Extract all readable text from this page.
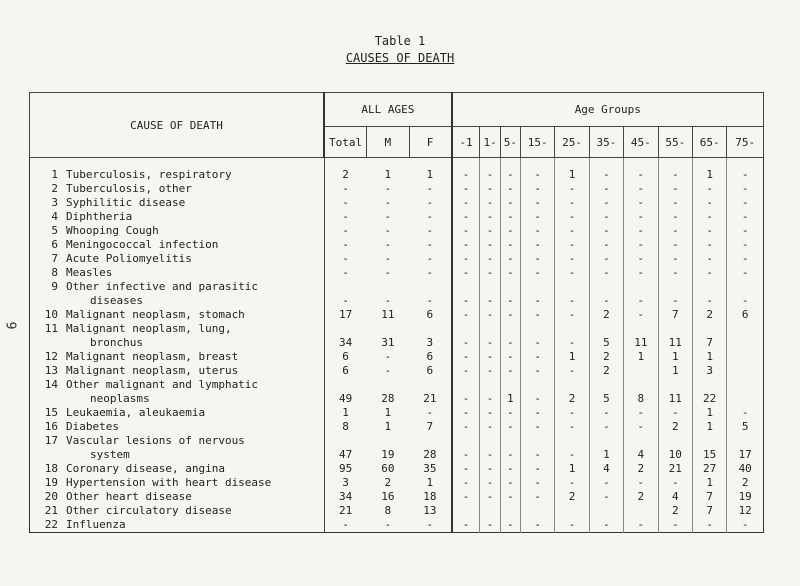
9
Table 1
CAUSES OF DEATH
CAUSE OF DEATH	ALL AGES			Age Groups									
	Total	M	F	-1	1-	5-	15-	25-	35-	45-	55-	65-	75-
1 Tuberculosis, respiratory	2	1	1	-	-	-	-	1	-	-	-	1	-
2 Tuberculosis, other	-	-	-	-	-	-	-	-	-	-	-	-	-
3 Syphilitic disease	-	-	-	-	-	-	-	-	-	-	-	-	-
4 Diphtheria	-	-	-	-	-	-	-	-	-	-	-	-	-
5 Whooping Cough	-	-	-	-	-	-	-	-	-	-	-	-	-
6 Meningococcal infection	-	-	-	-	-	-	-	-	-	-	-	-	-
7 Acute Poliomyelitis	-	-	-	-	-	-	-	-	-	-	-	-	-
8 Measles	-	-	-	-	-	-	-	-	-	-	-	-	-
9 Other infective and parasitic
diseases	-	-	-	-	-	-	-	-	-	-	-	-	-
10 Malignant neoplasm, stomach	17	11	6	-	-	-	-	-	2	-	7	2	6
11 Malignant neoplasm, lung,
bronchus	34	31	3	-	-	-	-	-	5	11	11	7	
12 Malignant neoplasm, breast	6	-	6	-	-	-	-	1	2	1	1	1	
13 Malignant neoplasm, uterus	6	-	6	-	-	-	-	-	2		1	3	
14 Other malignant and lymphatic
neoplasms	49	28	21	-	-	1	-	2	5	8	11	22	
15 Leukaemia, aleukaemia	1	1	-	-	-	-	-	-	-	-	-	1	-
16 Diabetes	8	1	7	-	-	-	-	-	-	-	2	1	5
17 Vascular lesions of nervous
system	47	19	28	-	-	-	-	-	1	4	10	15	17
18 Coronary disease, angina	95	60	35	-	-	-	-	1	4	2	21	27	40
19 Hypertension with heart disease	3	2	1	-	-	-	-	-	-	-	-	1	2
20 Other heart disease	34	16	18	-	-	-	-	2	-	2	4	7	19
21 Other circulatory disease	21	8	13								2	7	12
22 Influenza	-	-	-	-	-	-	-	-	-	-	-	-	-
